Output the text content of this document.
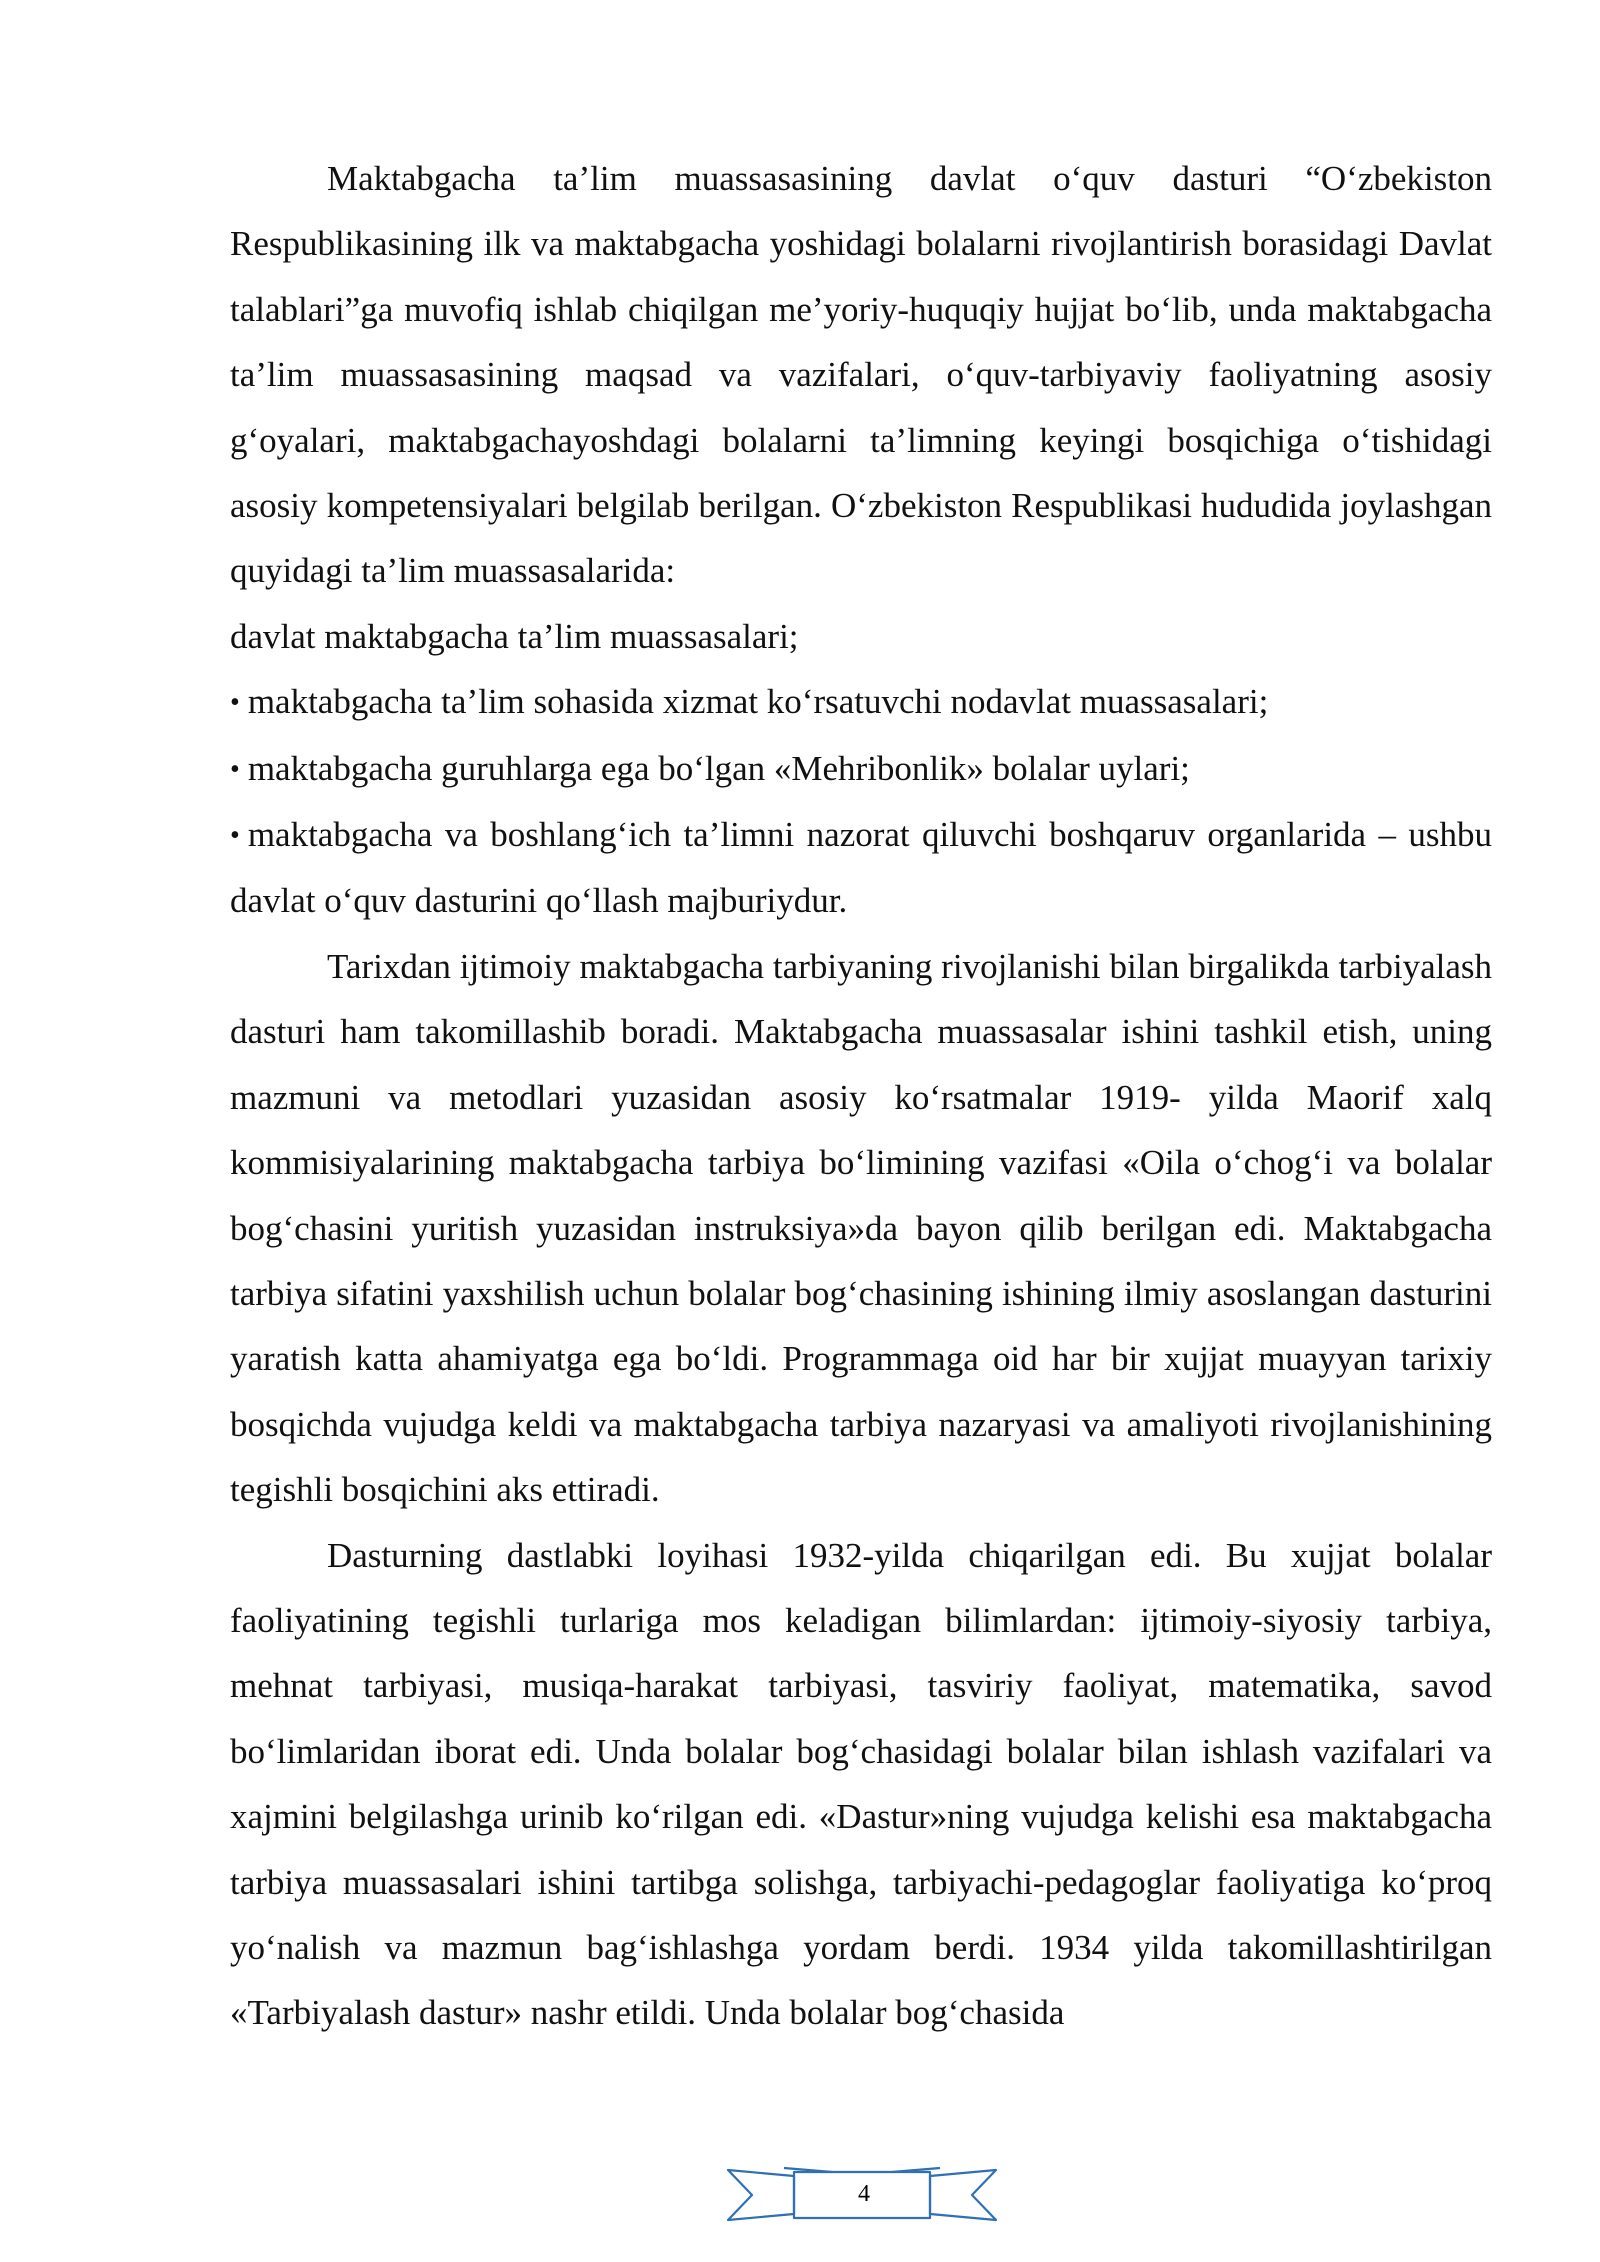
Maktabgacha ta’lim muassasasining davlat o‘quv dasturi “O‘zbekiston Respublikasining ilk va maktabgacha yoshidagi bolalarni rivojlantirish borasidagi Davlat talablari”ga muvofiq ishlab chiqilgan me’yoriy-huquqiy hujjat bo‘lib, unda maktabgacha ta’lim muassasasining maqsad va vazifalari, o‘quv-tarbiyaviy faoliyatning asosiy g‘oyalari, maktabgachayoshdagi bolalarni ta’limning keyingi bosqichiga o‘tishidagi asosiy kompetensiyalari belgilab berilgan. O‘zbekiston Respublikasi hududida joylashgan quyidagi ta’lim muassasalarida:

davlat maktabgacha ta’lim muassasalari;

• maktabgacha ta’lim sohasida xizmat ko‘rsatuvchi nodavlat muassasalari;

• maktabgacha guruhlarga ega bo‘lgan «Mehribonlik» bolalar uylari;

• maktabgacha va boshlang‘ich ta’limni nazorat qiluvchi boshqaruv organlarida – ushbu davlat o‘quv dasturini qo‘llash majburiydur.

Tarixdan ijtimoiy maktabgacha tarbiyaning rivojlanishi bilan birgalikda tarbiyalash dasturi ham takomillashib boradi. Maktabgacha muassasalar ishini tashkil etish, uning mazmuni va metodlari yuzasidan asosiy ko‘rsatmalar 1919- yilda Maorif xalq kommisiyalarining maktabgacha tarbiya bo‘limining vazifasi «Oila o‘chog‘i va bolalar bog‘chasini yuritish yuzasidan instruksiya»da bayon qilib berilgan edi. Maktabgacha tarbiya sifatini yaxshilish uchun bolalar bog‘chasining ishining ilmiy asoslangan dasturini yaratish katta ahamiyatga ega bo‘ldi. Programmaga oid har bir xujjat muayyan tarixiy bosqichda vujudga keldi va maktabgacha tarbiya nazaryasi va amaliyoti rivojlanishining tegishli bosqichini aks ettiradi.

Dasturning dastlabki loyihasi 1932-yilda chiqarilgan edi. Bu xujjat bolalar faoliyatining tegishli turlariga mos keladigan bilimlardan: ijtimoiy-siyosiy tarbiya, mehnat tarbiyasi, musiqa-harakat tarbiyasi, tasviriy faoliyat, matematika, savod bo‘limlaridan iborat edi. Unda bolalar bog‘chasidagi bolalar bilan ishlash vazifalari va xajmini belgilashga urinib ko‘rilgan edi. «Dastur»ning vujudga kelishi esa maktabgacha tarbiya muassasalari ishini tartibga solishga, tarbiyachi-pedagoglar faoliyatiga ko‘proq yo‘nalish va mazmun bag‘ishlashga yordam berdi. 1934 yilda takomillashtirilgan «Tarbiyalash dastur» nashr etildi. Unda bolalar bog‘chasida

4
